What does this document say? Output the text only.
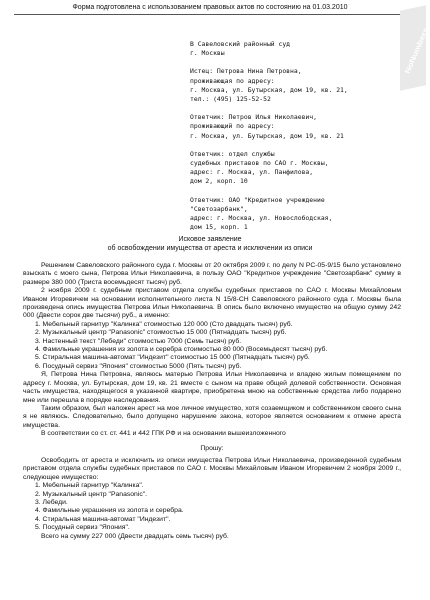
Форма подготовлена с использованием правовых актов по состоянию на 01.03.2010
NoNumbers
В Савеловский районный суд
г. Москвы
Истец: Петрова Нина Петровна,
проживающая по адресу:
г. Москва, ул. Бутырская, дом 19, кв. 21,
тел.: (495) 125-52-52
Ответчик: Петров Илья Николаевич,
проживающий по адресу:
г. Москва, ул. Бутырская, дом 19, кв. 21
Ответчик: отдел службы
судебных приставов по САО г. Москвы,
адрес: г. Москва, ул. Панфилова,
дом 2, корп. 10
Ответчик: ОАО "Кредитное учреждение
"Светозарбанк",
адрес: г. Москва, ул. Новослободская,
дом 15, корп. 1
Исковое заявление
об освобождении имущества от ареста и исключении из описи

Решением Савеловского районного суда г. Москвы от 20 октября 2009 г. по делу N РС-05-9/15 было установлено взыскать с моего сына, Петрова Ильи Николаевича, в пользу ОАО "Кредитное учреждение "Светозарбанк" сумму в размере 380 000 (Триста восемьдесят тысяч) руб.

2 ноября 2009 г. судебным приставом отдела службы судебных приставов по САО г. Москвы Михайловым Иваном Игоревичем на основании исполнительного листа N 15/8-СН Савеловского районного суда г. Москвы была произведена опись имущества Петрова Ильи Николаевича. В опись было включено имущество на общую сумму 242 000 (Двести сорок две тысячи) руб., а именно:

1. Мебельный гарнитур "Калинка" стоимостью 120 000 (Сто двадцать тысяч) руб.
2. Музыкальный центр "Panasonic" стоимостью 15 000 (Пятнадцать тысяч) руб.
3. Настенный текст "Лебеди" стоимостью 7000 (Семь тысяч) руб.
4. Фамильные украшения из золота и серебра стоимостью 80 000 (Восемьдесят тысяч) руб.
5. Стиральная машина-автомат "Индезит" стоимостью 15 000 (Пятнадцать тысяч) руб.
6. Посудный сервиз "Япония" стоимостью 5000 (Пять тысяч) руб.

Я, Петрова Нина Петровна, являюсь матерью Петрова Ильи Николаевича и владею жилым помещением по адресу г. Москва, ул. Бутырская, дом 19, кв. 21 вместе с сыном на праве общей долевой собственности. Основная часть имущества, находящегося в указанной квартире, приобретена мною на собственные средства либо подарено мне или перешла в порядке наследования.

Таким образом, был наложен арест на мое личное имущество, хотя созаемщиком и собственником своего сына я не являюсь. Следовательно, было допущено нарушение закона, которое является основанием к отмене ареста имущества.

В соответствии со ст. ст. 441 и 442 ГПК РФ и на основании вышеизложенного

Прошу:

Освободить от ареста и исключить из описи имущества Петрова Ильи Николаевича, произведенной судебным приставом отдела службы судебных приставов по САО г. Москвы Михайловым Иваном Игоревичем 2 ноября 2009 г., следующее имущество:

1. Мебельный гарнитур "Калинка".
2. Музыкальный центр "Panasonic".
3. Лебеди.
4. Фамильные украшения из золота и серебра.
4. Стиральная машина-автомат "Индезит".
5. Посудный сервиз "Япония".

Всего на сумму 227 000 (Двести двадцать семь тысяч) руб.
